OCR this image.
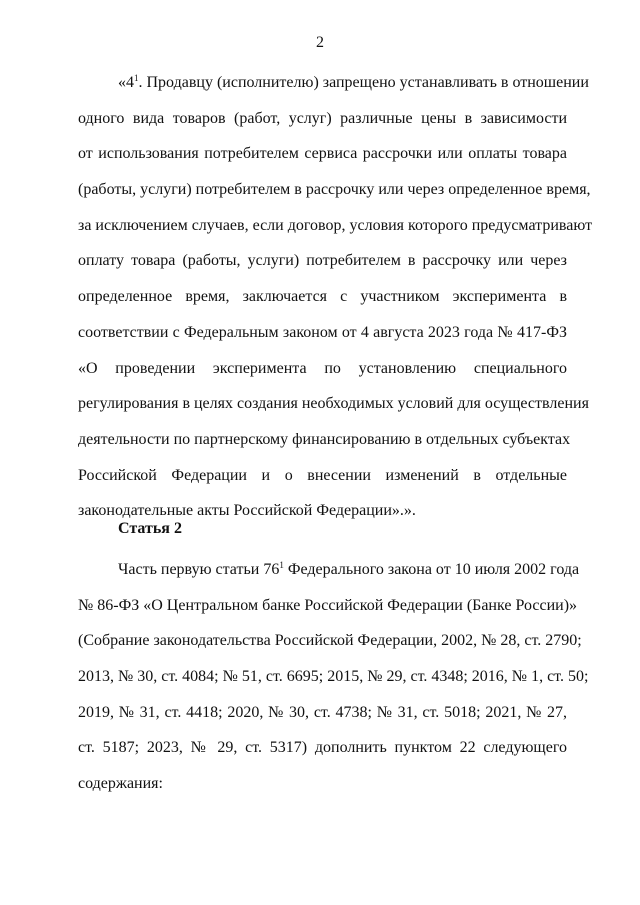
2
«$4^1$. Продавцу (исполнителю) запрещено устанавливать в отношении
одного вида товаров (работ, услуг) различные цены в зависимости
от использования потребителем сервиса рассрочки или оплаты товара
(работы, услуги) потребителем в рассрочку или через определенное время,
за исключением случаев, если договор, условия которого предусматривают
оплату товара (работы, услуги) потребителем в рассрочку или через
определенное время, заключается с участником эксперимента в
соответствии с Федеральным законом от 4 августа 2023 года № 417-ФЗ
«О проведении эксперимента по установлению специального
регулирования в целях создания необходимых условий для осуществления
деятельности по партнерскому финансированию в отдельных субъектах
Российской Федерации и о внесении изменений в отдельные
законодательные акты Российской Федерации».».
Статья 2
Часть первую статьи $76^1$ Федерального закона от 10 июля 2002 года
№ 86-ФЗ «О Центральном банке Российской Федерации (Банке России)»
(Собрание законодательства Российской Федерации, 2002, № 28, ст. 2790;
2013, № 30, ст. 4084; № 51, ст. 6695; 2015, № 29, ст. 4348; 2016, № 1, ст. 50;
2019, № 31, ст. 4418; 2020, № 30, ст. 4738; № 31, ст. 5018; 2021, № 27,
ст. 5187; 2023, № 29, ст. 5317) дополнить пунктом 22 следующего
содержания:
